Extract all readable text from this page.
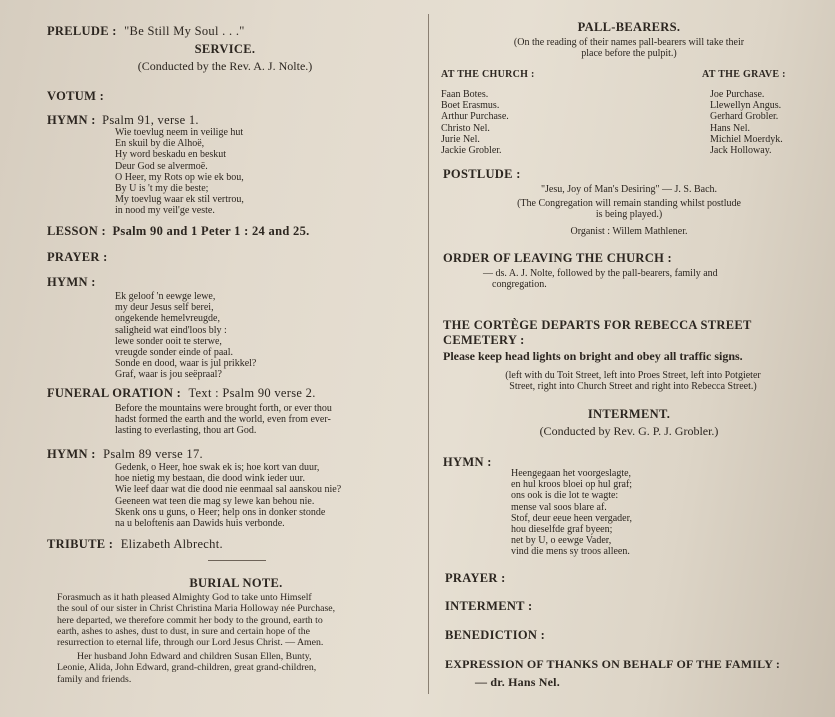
PRELUDE : "Be Still My Soul . . ."
SERVICE.
(Conducted by the Rev. A. J. Nolte.)
VOTUM :
HYMN : Psalm 91, verse 1.
Wie toevlug neem in veilige hut
En skuil by die Alhoë,
Hy word beskadu en beskut
Deur God se alvermoë.
O Heer, my Rots op wie ek bou,
By U is 't my die beste;
My toevlug waar ek stil vertrou,
in nood my veil'ge veste.
LESSON : Psalm 90 and 1 Peter 1 : 24 and 25.
PRAYER :
HYMN :
Ek geloof 'n eewge lewe,
my deur Jesus self berei,
ongekende hemelvreugde,
saligheid wat eind'loos bly :
lewe sonder ooit te sterwe,
vreugde sonder einde of paal.
Sonde en dood, waar is jul prikkel?
Graf, waar is jou seëpraal?
FUNERAL ORATION : Text : Psalm 90 verse 2.
Before the mountains were brought forth, or ever thou
hadst formed the earth and the world, even from ever-
lasting to everlasting, thou art God.
HYMN : Psalm 89 verse 17.
Gedenk, o Heer, hoe swak ek is; hoe kort van duur,
hoe nietig my bestaan, die dood wink ieder uur.
Wie leef daar wat die dood nie eenmaal sal aanskou nie?
Geeneen wat teen die mag sy lewe kan behou nie.
Skenk ons u guns, o Heer; help ons in donker stonde
na u beloftenis aan Dawids huis verbonde.
TRIBUTE : Elizabeth Albrecht.
BURIAL NOTE.
Forasmuch as it hath pleased Almighty God to take unto Himself
the soul of our sister in Christ Christina Maria Holloway née Purchase,
here departed, we therefore commit her body to the ground, earth to
earth, ashes to ashes, dust to dust, in sure and certain hope of the
resurrection to eternal life, through our Lord Jesus Christ. — Amen.
Her husband John Edward and children Susan Ellen, Bunty,
Leonie, Alida, John Edward, grand-children, great grand-children,
family and friends.
PALL-BEARERS.
(On the reading of their names pall-bearers will take their
place before the pulpit.)
AT THE CHURCH :	AT THE GRAVE :
Faan Botes.
Boet Erasmus.
Arthur Purchase.
Christo Nel.
Jurie Nel.
Jackie Grobler.
Joe Purchase.
Llewellyn Angus.
Gerhard Grobler.
Hans Nel.
Michiel Moerdyk.
Jack Holloway.
POSTLUDE :
"Jesu, Joy of Man's Desiring" — J. S. Bach.
(The Congregation will remain standing whilst postlude
is being played.)
Organist : Willem Mathlener.
ORDER OF LEAVING THE CHURCH :
— ds. A. J. Nolte, followed by the pall-bearers, family and
congregation.
THE CORTÈGE DEPARTS FOR REBECCA STREET
CEMETERY :
Please keep head lights on bright and obey all traffic signs.
(left with du Toit Street, left into Proes Street, left into Potgieter
Street, right into Church Street and right into Rebecca Street.)
INTERMENT.
(Conducted by Rev. G. P. J. Grobler.)
HYMN :
Heengegaan het voorgeslagte,
en hul kroos bloei op hul graf;
ons ook is die lot te wagte:
mense val soos blare af.
Stof, deur eeue heen vergader,
hou dieselfde graf byeen;
net by U, o eewge Vader,
vind die mens sy troos alleen.
PRAYER :
INTERMENT :
BENEDICTION :
EXPRESSION OF THANKS ON BEHALF OF THE FAMILY :
— dr. Hans Nel.
